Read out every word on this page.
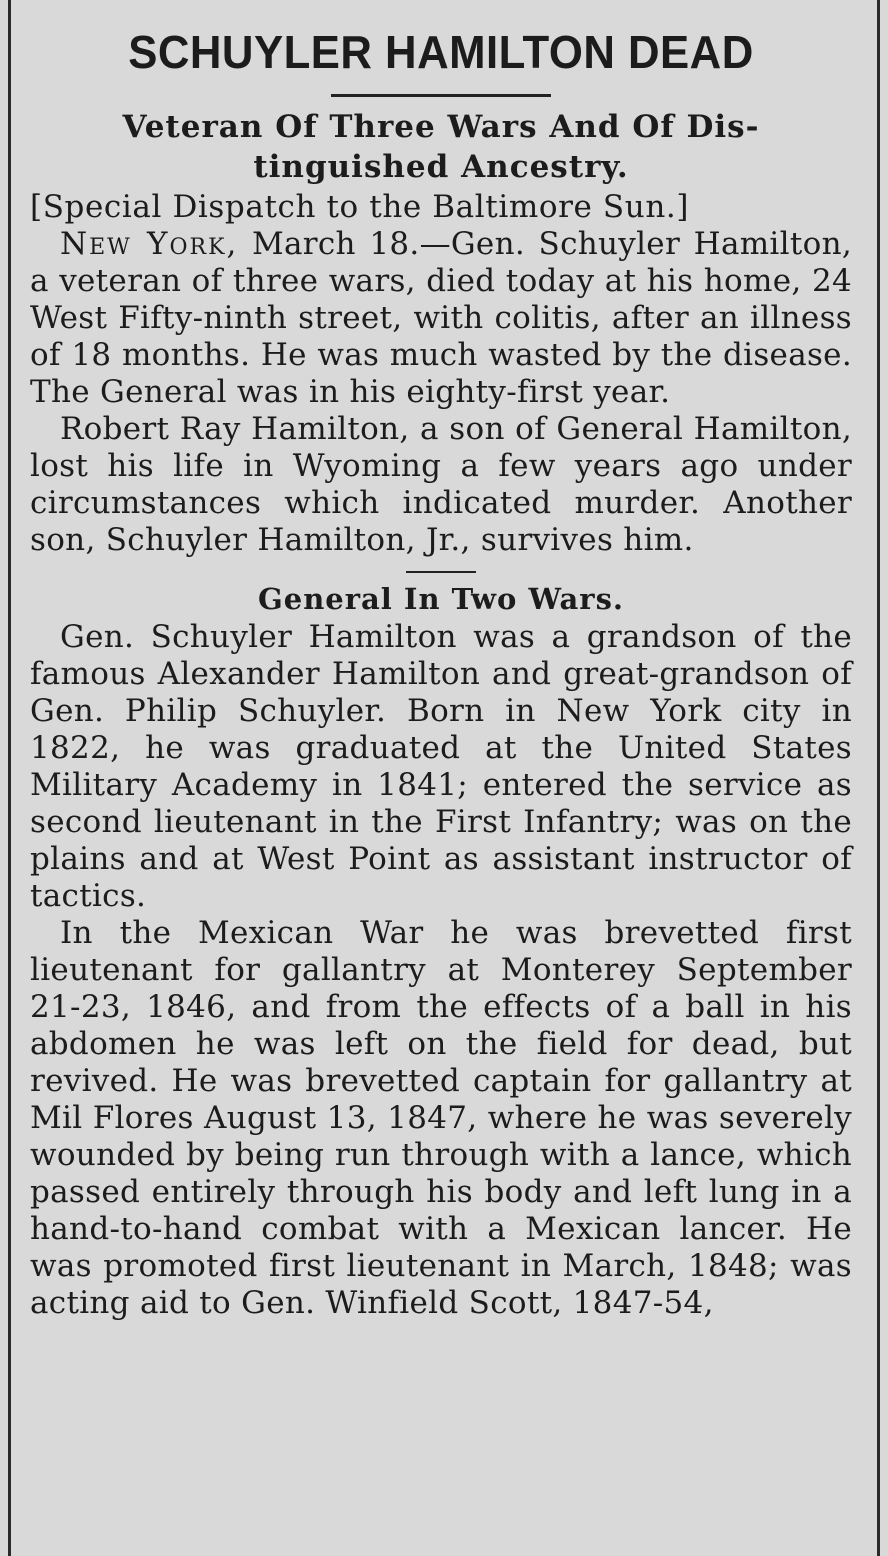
SCHUYLER HAMILTON DEAD
Veteran Of Three Wars And Of Dis-
tinguished Ancestry.

[Special Dispatch to the Baltimore Sun.]

New York, March 18.—Gen. Schuyler Hamilton, a veteran of three wars, died today at his home, 24 West Fifty-ninth street, with colitis, after an illness of 18 months. He was much wasted by the disease. The General was in his eighty-first year.

Robert Ray Hamilton, a son of General Hamilton, lost his life in Wyoming a few years ago under circumstances which indicated murder. Another son, Schuyler Hamilton, Jr., survives him.

General In Two Wars.

Gen. Schuyler Hamilton was a grandson of the famous Alexander Hamilton and great-grandson of Gen. Philip Schuyler. Born in New York city in 1822, he was graduated at the United States Military Academy in 1841; entered the service as second lieutenant in the First Infantry; was on the plains and at West Point as assistant instructor of tactics.

In the Mexican War he was brevetted first lieutenant for gallantry at Monterey September 21-23, 1846, and from the effects of a ball in his abdomen he was left on the field for dead, but revived. He was brevetted captain for gallantry at Mil Flores August 13, 1847, where he was severely wounded by being run through with a lance, which passed entirely through his body and left lung in a hand-to-hand combat with a Mexican lancer. He was promoted first lieutenant in March, 1848; was acting aid to Gen. Winfield Scott, 1847-54,
